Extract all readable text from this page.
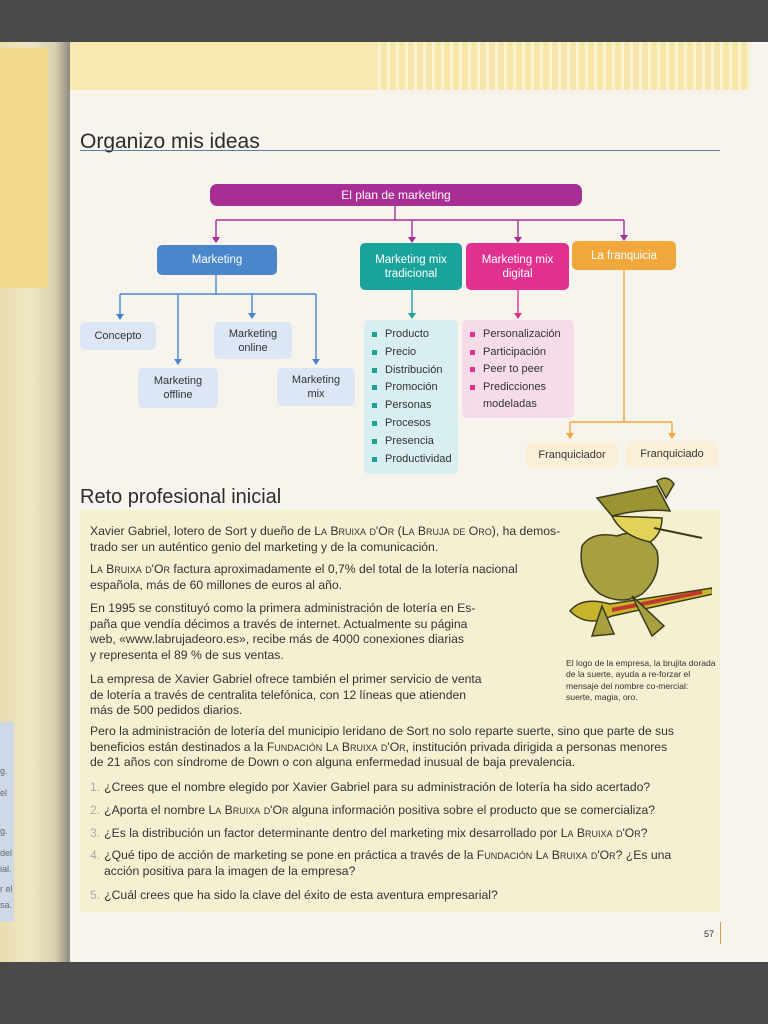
g.
el
g.
del
ial.
r el
sa.
Organizo mis ideas
El plan de marketing
Marketing	Marketing mix tradicional
Marketing mix digital
La franquicia
Concepto
Marketing offline
Marketing online
Marketing mix
Producto
Precio
Distribución
Promoción
Personas
Procesos
Presencia
Productividad
Personalización
Participación
Peer to peer
Predicciones modeladas
Franquiciador	Franquiciado
Reto profesional inicial
Xavier Gabriel, lotero de Sort y dueño de La Bruixa d'Or (La Bruja de Oro), ha demos-
trado ser un auténtico genio del marketing y de la comunicación.
La Bruixa d'Or factura aproximadamente el 0,7% del total de la lotería nacional
española, más de 60 millones de euros al año.
En 1995 se constituyó como la primera administración de lotería en Es-
paña que vendía décimos a través de internet. Actualmente su página
web, «www.labrujadeoro.es», recibe más de 4000 conexiones diarias
y representa el 89 % de sus ventas.
La empresa de Xavier Gabriel ofrece también el primer servicio de venta
de lotería a través de centralita telefónica, con 12 líneas que atienden
más de 500 pedidos diarios.
Pero la administración de lotería del municipio leridano de Sort no solo reparte suerte, sino que parte de sus
beneficios están destinados a la Fundación La Bruixa d'Or, institución privada dirigida a personas menores
de 21 años con síndrome de Down o con alguna enfermedad inusual de baja prevalencia.
El logo de la empresa, la brujita dorada de la suerte, ayuda a re-forzar el mensaje del nombre co-mercial: suerte, magia, oro.
1. ¿Crees que el nombre elegido por Xavier Gabriel para su administración de lotería ha sido acertado?
2. ¿Aporta el nombre La Bruixa d'Or alguna información positiva sobre el producto que se comercializa?
3. ¿Es la distribución un factor determinante dentro del marketing mix desarrollado por La Bruixa d'Or?
4. ¿Qué tipo de acción de marketing se pone en práctica a través de la Fundación La Bruixa d'Or? ¿Es una
acción positiva para la imagen de la empresa?
5. ¿Cuál crees que ha sido la clave del éxito de esta aventura empresarial?
57
